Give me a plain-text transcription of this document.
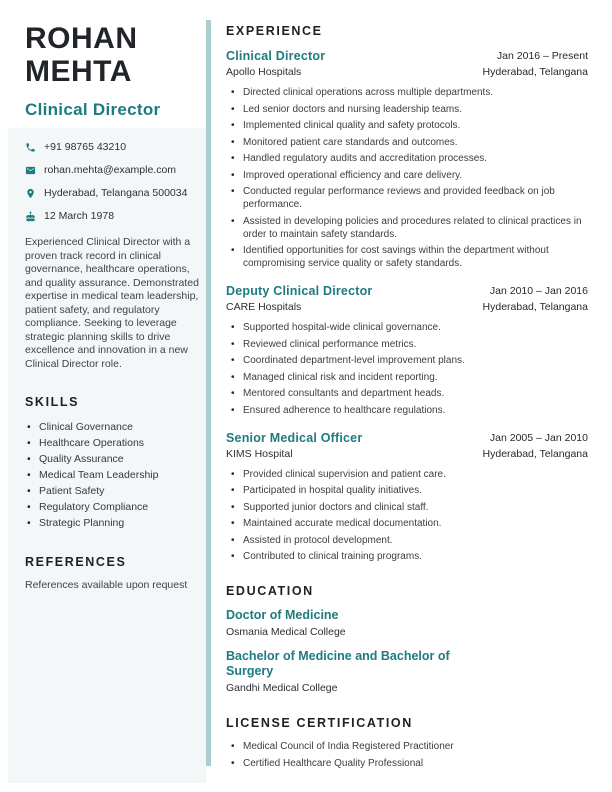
ROHAN
MEHTA
Clinical Director
+91 98765 43210
rohan.mehta@example.com
Hyderabad, Telangana 500034
12 March 1978

Experienced Clinical Director with a proven track record in clinical governance, healthcare operations, and quality assurance. Demonstrated expertise in medical team leadership, patient safety, and regulatory compliance. Seeking to leverage strategic planning skills to drive excellence and innovation in a new Clinical Director role.

SKILLS
• Clinical Governance
• Healthcare Operations
• Quality Assurance
• Medical Team Leadership
• Patient Safety
• Regulatory Compliance
• Strategic Planning
REFERENCES

References available upon request

EXPERIENCE
Clinical Director
Apollo Hospitals
Jan 2016 – Present
Hyderabad, Telangana
• Directed clinical operations across multiple departments.
• Led senior doctors and nursing leadership teams.
• Implemented clinical quality and safety protocols.
• Monitored patient care standards and outcomes.
• Handled regulatory audits and accreditation processes.
• Improved operational efficiency and care delivery.
• Conducted regular performance reviews and provided feedback on job performance.
• Assisted in developing policies and procedures related to clinical practices in order to maintain safety standards.
• Identified opportunities for cost savings within the department without compromising service quality or safety standards.
Deputy Clinical Director
CARE Hospitals
Jan 2010 – Jan 2016
Hyderabad, Telangana
• Supported hospital-wide clinical governance.
• Reviewed clinical performance metrics.
• Coordinated department-level improvement plans.
• Managed clinical risk and incident reporting.
• Mentored consultants and department heads.
• Ensured adherence to healthcare regulations.
Senior Medical Officer
KIMS Hospital
Jan 2005 – Jan 2010
Hyderabad, Telangana
• Provided clinical supervision and patient care.
• Participated in hospital quality initiatives.
• Supported junior doctors and clinical staff.
• Maintained accurate medical documentation.
• Assisted in protocol development.
• Contributed to clinical training programs.
EDUCATION
Doctor of Medicine
Osmania Medical College
Bachelor of Medicine and Bachelor of Surgery
Gandhi Medical College
LICENSE CERTIFICATION
• Medical Council of India Registered Practitioner
• Certified Healthcare Quality Professional
